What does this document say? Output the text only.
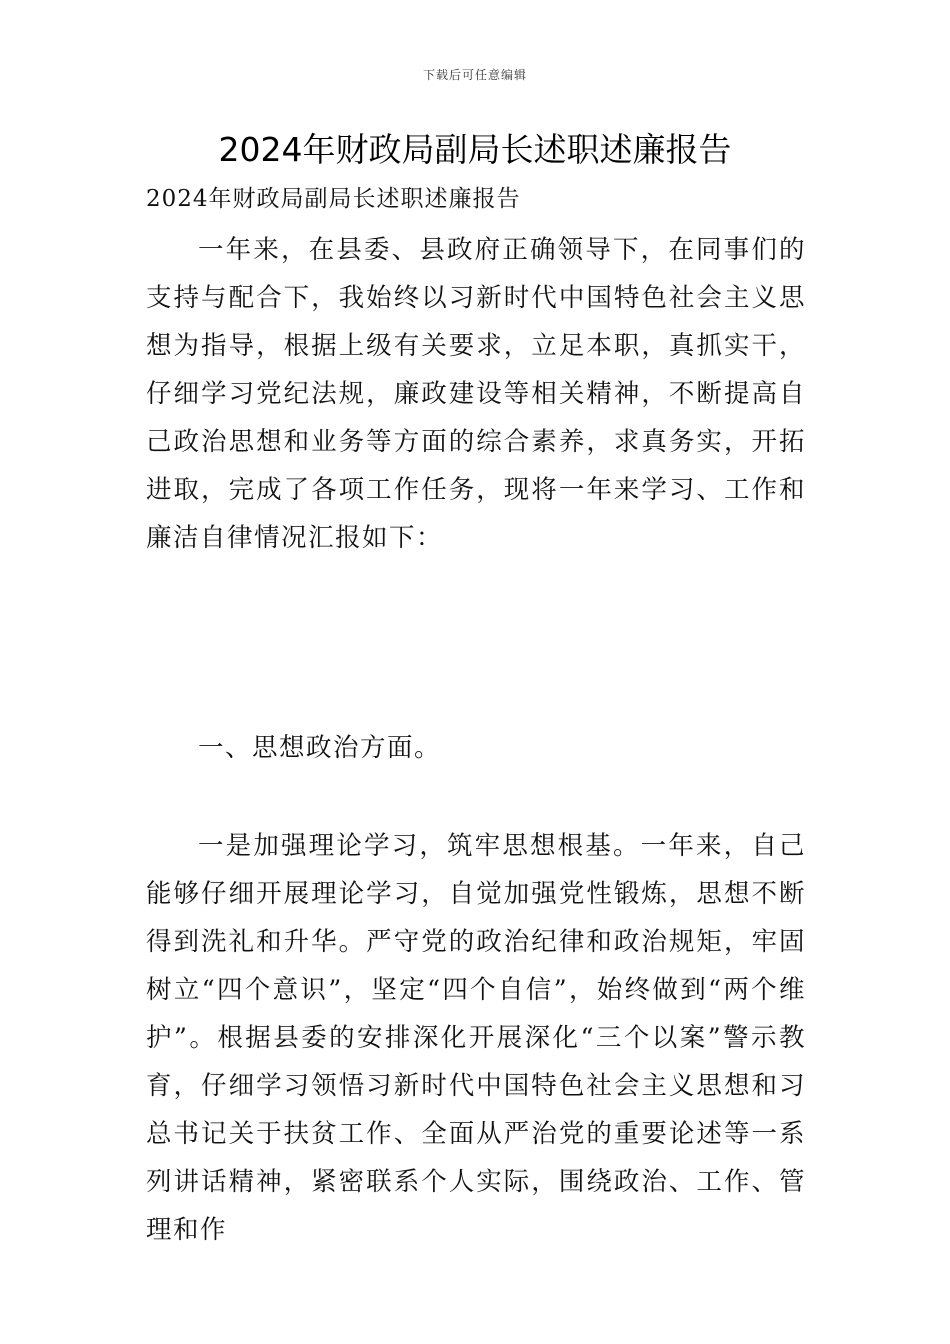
下载后可任意编辑
2024年财政局副局长述职述廉报告

2024年财政局副局长述职述廉报告

一年来，在县委、县政府正确领导下，在同事们的支持与配合下，我始终以习新时代中国特色社会主义思想为指导，根据上级有关要求，立足本职，真抓实干，仔细学习党纪法规，廉政建设等相关精神，不断提高自己政治思想和业务等方面的综合素养，求真务实，开拓进取，完成了各项工作任务，现将一年来学习、工作和廉洁自律情况汇报如下：

一、思想政治方面。

一是加强理论学习，筑牢思想根基。一年来，自己能够仔细开展理论学习，自觉加强党性锻炼，思想不断得到洗礼和升华。严守党的政治纪律和政治规矩，牢固树立“四个意识”，坚定“四个自信”，始终做到“两个维护”。根据县委的安排深化开展深化“三个以案”警示教育，仔细学习领悟习新时代中国特色社会主义思想和习总书记关于扶贫工作、全面从严治党的重要论述等一系列讲话精神，紧密联系个人实际，围绕政治、工作、管理和作
